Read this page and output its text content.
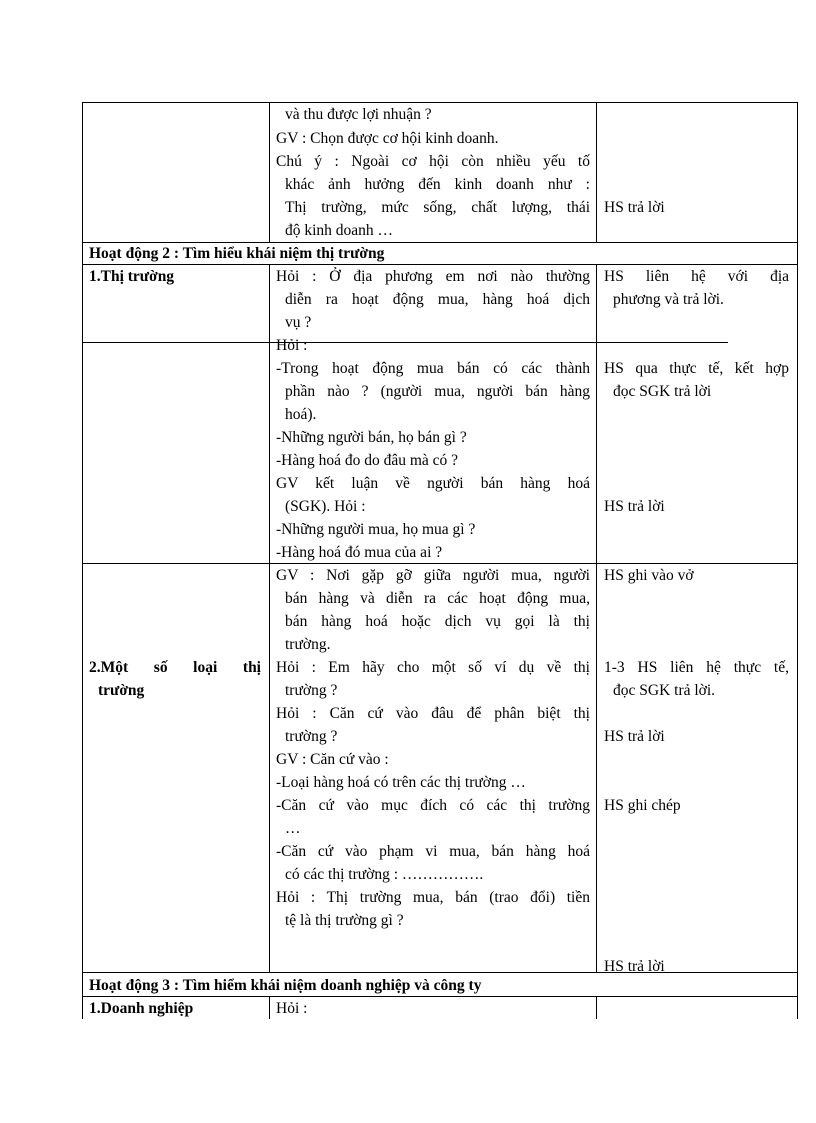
và thu được lợi nhuận ?
GV : Chọn được cơ hội kinh doanh.
Chú ý : Ngoài cơ hội còn nhiều yếu tố
khác ảnh hưởng đến kinh doanh như :
Thị trường, mức sống, chất lượng, thái
độ kinh doanh …
HS trả lời
Hoạt động 2 : Tìm hiểu khái niệm thị trường
1.Thị trường	Hỏi : Ở địa phương em nơi nào thường
diễn ra hoạt động mua, hàng hoá dịch
vụ ?
HS liên hệ với địa
phương và trả lời.
Hỏi :
-Trong hoạt động mua bán có các thành
phần nào ? (người mua, người bán hàng
hoá).
-Những người bán, họ bán gì ?
-Hàng hoá đo do đâu mà có ?
GV kết luận về người bán hàng hoá
(SGK). Hỏi :
-Những người mua, họ mua gì ?
-Hàng hoá đó mua của ai ?
HS qua thực tế, kết hợp
đọc SGK trả lời
HS trả lời
2.Một số loại thị
trường
GV : Nơi gặp gỡ giữa người mua, người
bán hàng và diễn ra các hoạt động mua,
bán hàng hoá hoặc dịch vụ gọi là thị
trường.
Hỏi : Em hãy cho một số ví dụ về thị
trường ?
Hỏi : Căn cứ vào đâu để phân biệt thị
trường ?
GV : Căn cứ vào :
-Loại hàng hoá có trên các thị trường …
-Căn cứ vào mục đích có các thị trường
…
-Căn cứ vào phạm vi mua, bán hàng hoá
có các thị trường : …………….
Hỏi : Thị trường mua, bán (trao đổi) tiền
tệ là thị trường gì ?
HS ghi vào vở
1-3 HS liên hệ thực tế,
đọc SGK trả lời.
HS trả lời
HS ghi chép
HS trả lời
Hoạt động 3 : Tìm hiểm khái niệm doanh nghiệp và công ty
1.Doanh nghiệp	Hỏi :
